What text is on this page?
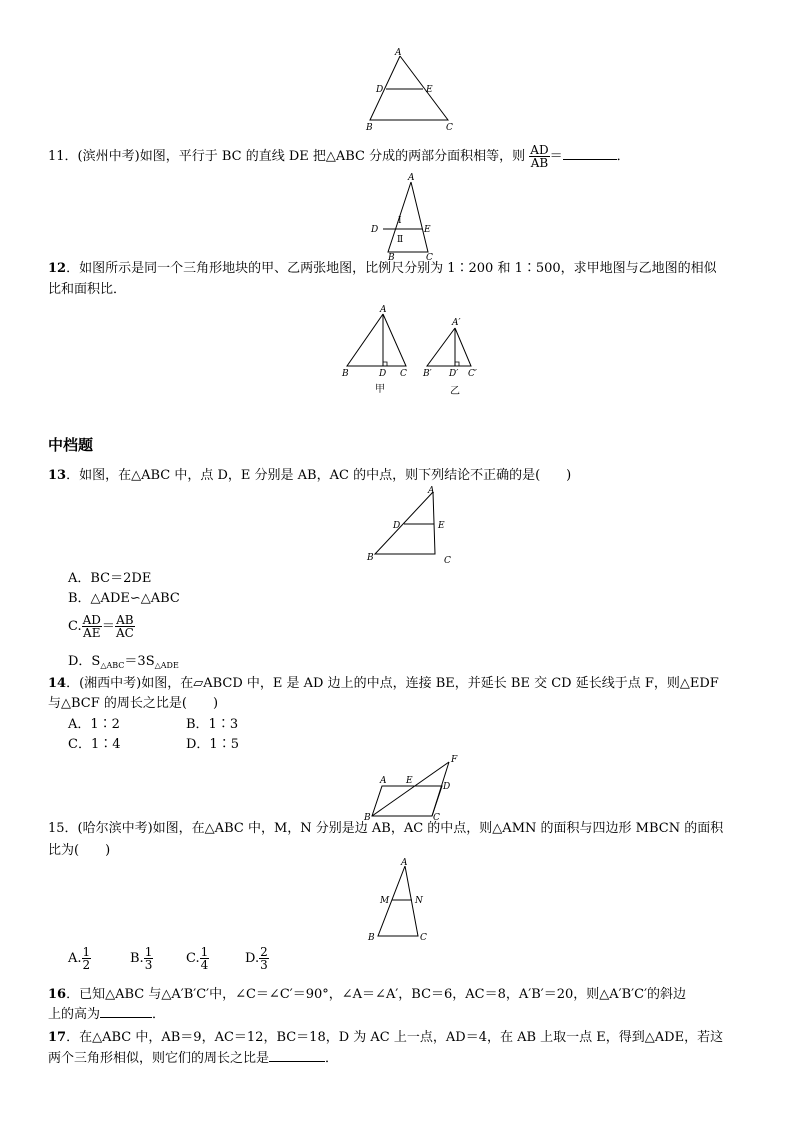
A
D	E
B	C
11．(滨州中考)如图，平行于 BC 的直线 DE 把△ABC 分成的两部分面积相等，则 $\frac{AD}{AB}$ ＝	．
A
D	E
B	C
Ⅰ
Ⅱ
12．如图所示是同一个三角形地块的甲、乙两张地图，比例尺分别为 1∶200 和 1∶500，求甲地图与乙地图的相似
比和面积比．
A
B	D C
A′
B′ D′ C′
甲	乙
中档题
13．如图，在△ABC 中，点 D，E 分别是 AB，AC 的中点，则下列结论不正确的是(　　)
A
D	E
B	C
A．BC＝2DE
B．△ADE∽△ABC
C. $\frac{AD}{AE} = \frac{AB}{AC}$
D．$S_{\triangle ABC}=3S_{\triangle ADE}$
14．(湘西中考)如图，在▱ABCD 中，E 是 AD 边上的中点，连接 BE，并延长 BE 交 CD 延长线于点 F，则△EDF
与△BCF 的周长之比是(　　)
A．1∶2	B．1∶3
C．1∶4	D．1∶5
A E
F
D
B	C
15．(哈尔滨中考)如图，在△ABC 中，M，N 分别是边 AB，AC 的中点，则△AMN 的面积与四边形 MBCN 的面积
比为(　　)
A
M	N
B	C
A. $\frac{1}{2}$	B. $\frac{1}{3}$	C. $\frac{1}{4}$	D. $\frac{2}{3}$
16．已知△ABC 与△A′B′C′中，∠C＝∠C′＝90°，∠A＝∠A′，BC＝6，AC＝8，A′B′＝20，则△A′B′C′的斜边
上的高为	．
17．在△ABC 中，AB＝9，AC＝12，BC＝18，D 为 AC 上一点，AD＝4，在 AB 上取一点 E，得到△ADE，若这
两个三角形相似，则它们的周长之比是	．
